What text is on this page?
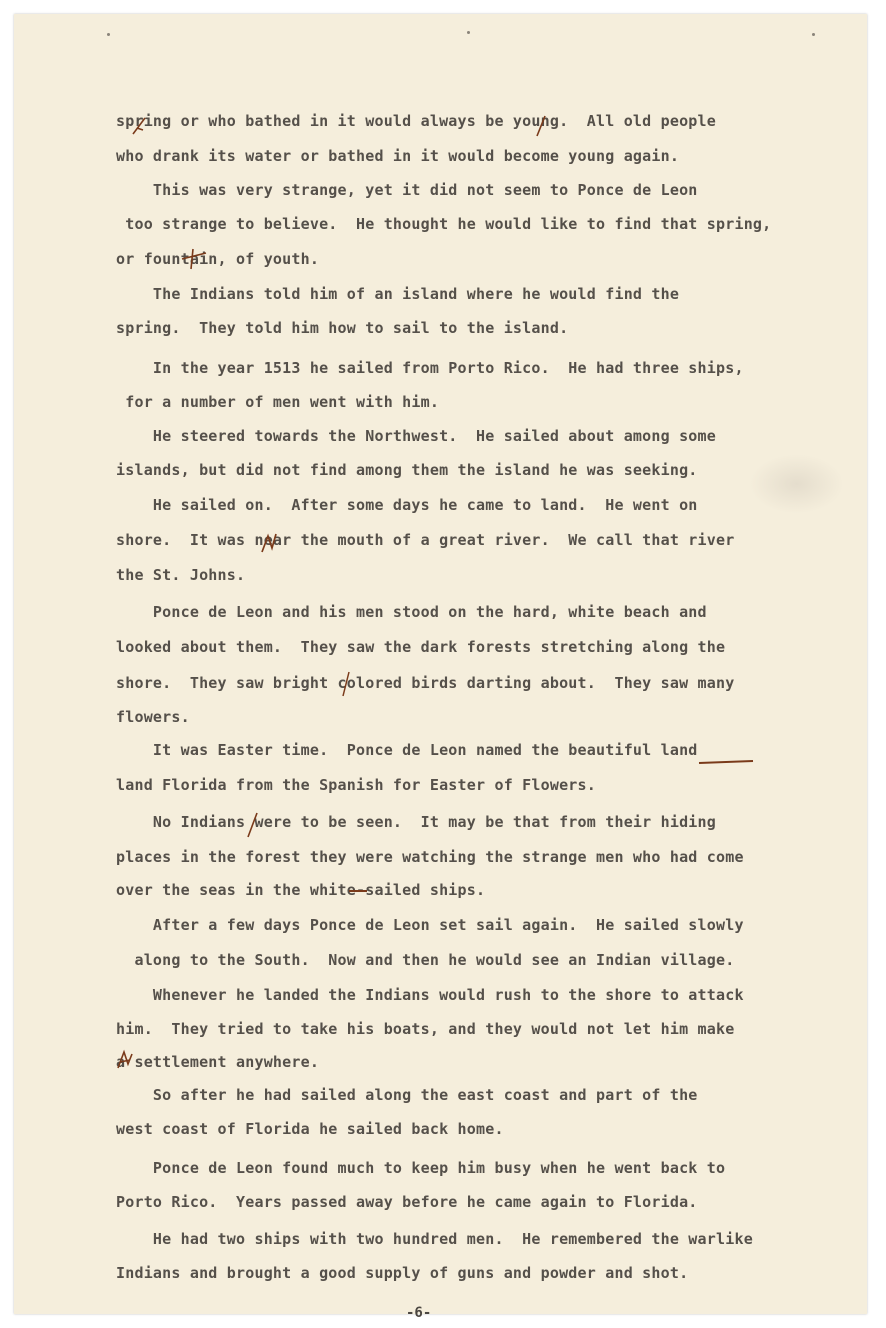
spring or who bathed in it would always be young.  All old people
who drank its water or bathed in it would become young again.
This was very strange, yet it did not seem to Ponce de Leon
too strange to believe.  He thought he would like to find that spring,
or fountain, of youth.
The Indians told him of an island where he would find the
spring.  They told him how to sail to the island.
In the year 1513 he sailed from Porto Rico.  He had three ships,
for a number of men went with him.
He steered towards the Northwest.  He sailed about among some
islands, but did not find among them the island he was seeking.
He sailed on.  After some days he came to land.  He went on
shore.  It was near the mouth of a great river.  We call that river
the St. Johns.
Ponce de Leon and his men stood on the hard, white beach and
looked about them.  They saw the dark forests stretching along the
shore.  They saw bright colored birds darting about.  They saw many
flowers.
It was Easter time.  Ponce de Leon named the beautiful land
land Florida from the Spanish for Easter of Flowers.
No Indians were to be seen.  It may be that from their hiding
places in the forest they were watching the strange men who had come
over the seas in the white-sailed ships.
After a few days Ponce de Leon set sail again.  He sailed slowly
along to the South.  Now and then he would see an Indian village.
Whenever he landed the Indians would rush to the shore to attack
him.  They tried to take his boats, and they would not let him make
a settlement anywhere.
So after he had sailed along the east coast and part of the
west coast of Florida he sailed back home.
Ponce de Leon found much to keep him busy when he went back to
Porto Rico.  Years passed away before he came again to Florida.
He had two ships with two hundred men.  He remembered the warlike
Indians and brought a good supply of guns and powder and shot.
-6-
